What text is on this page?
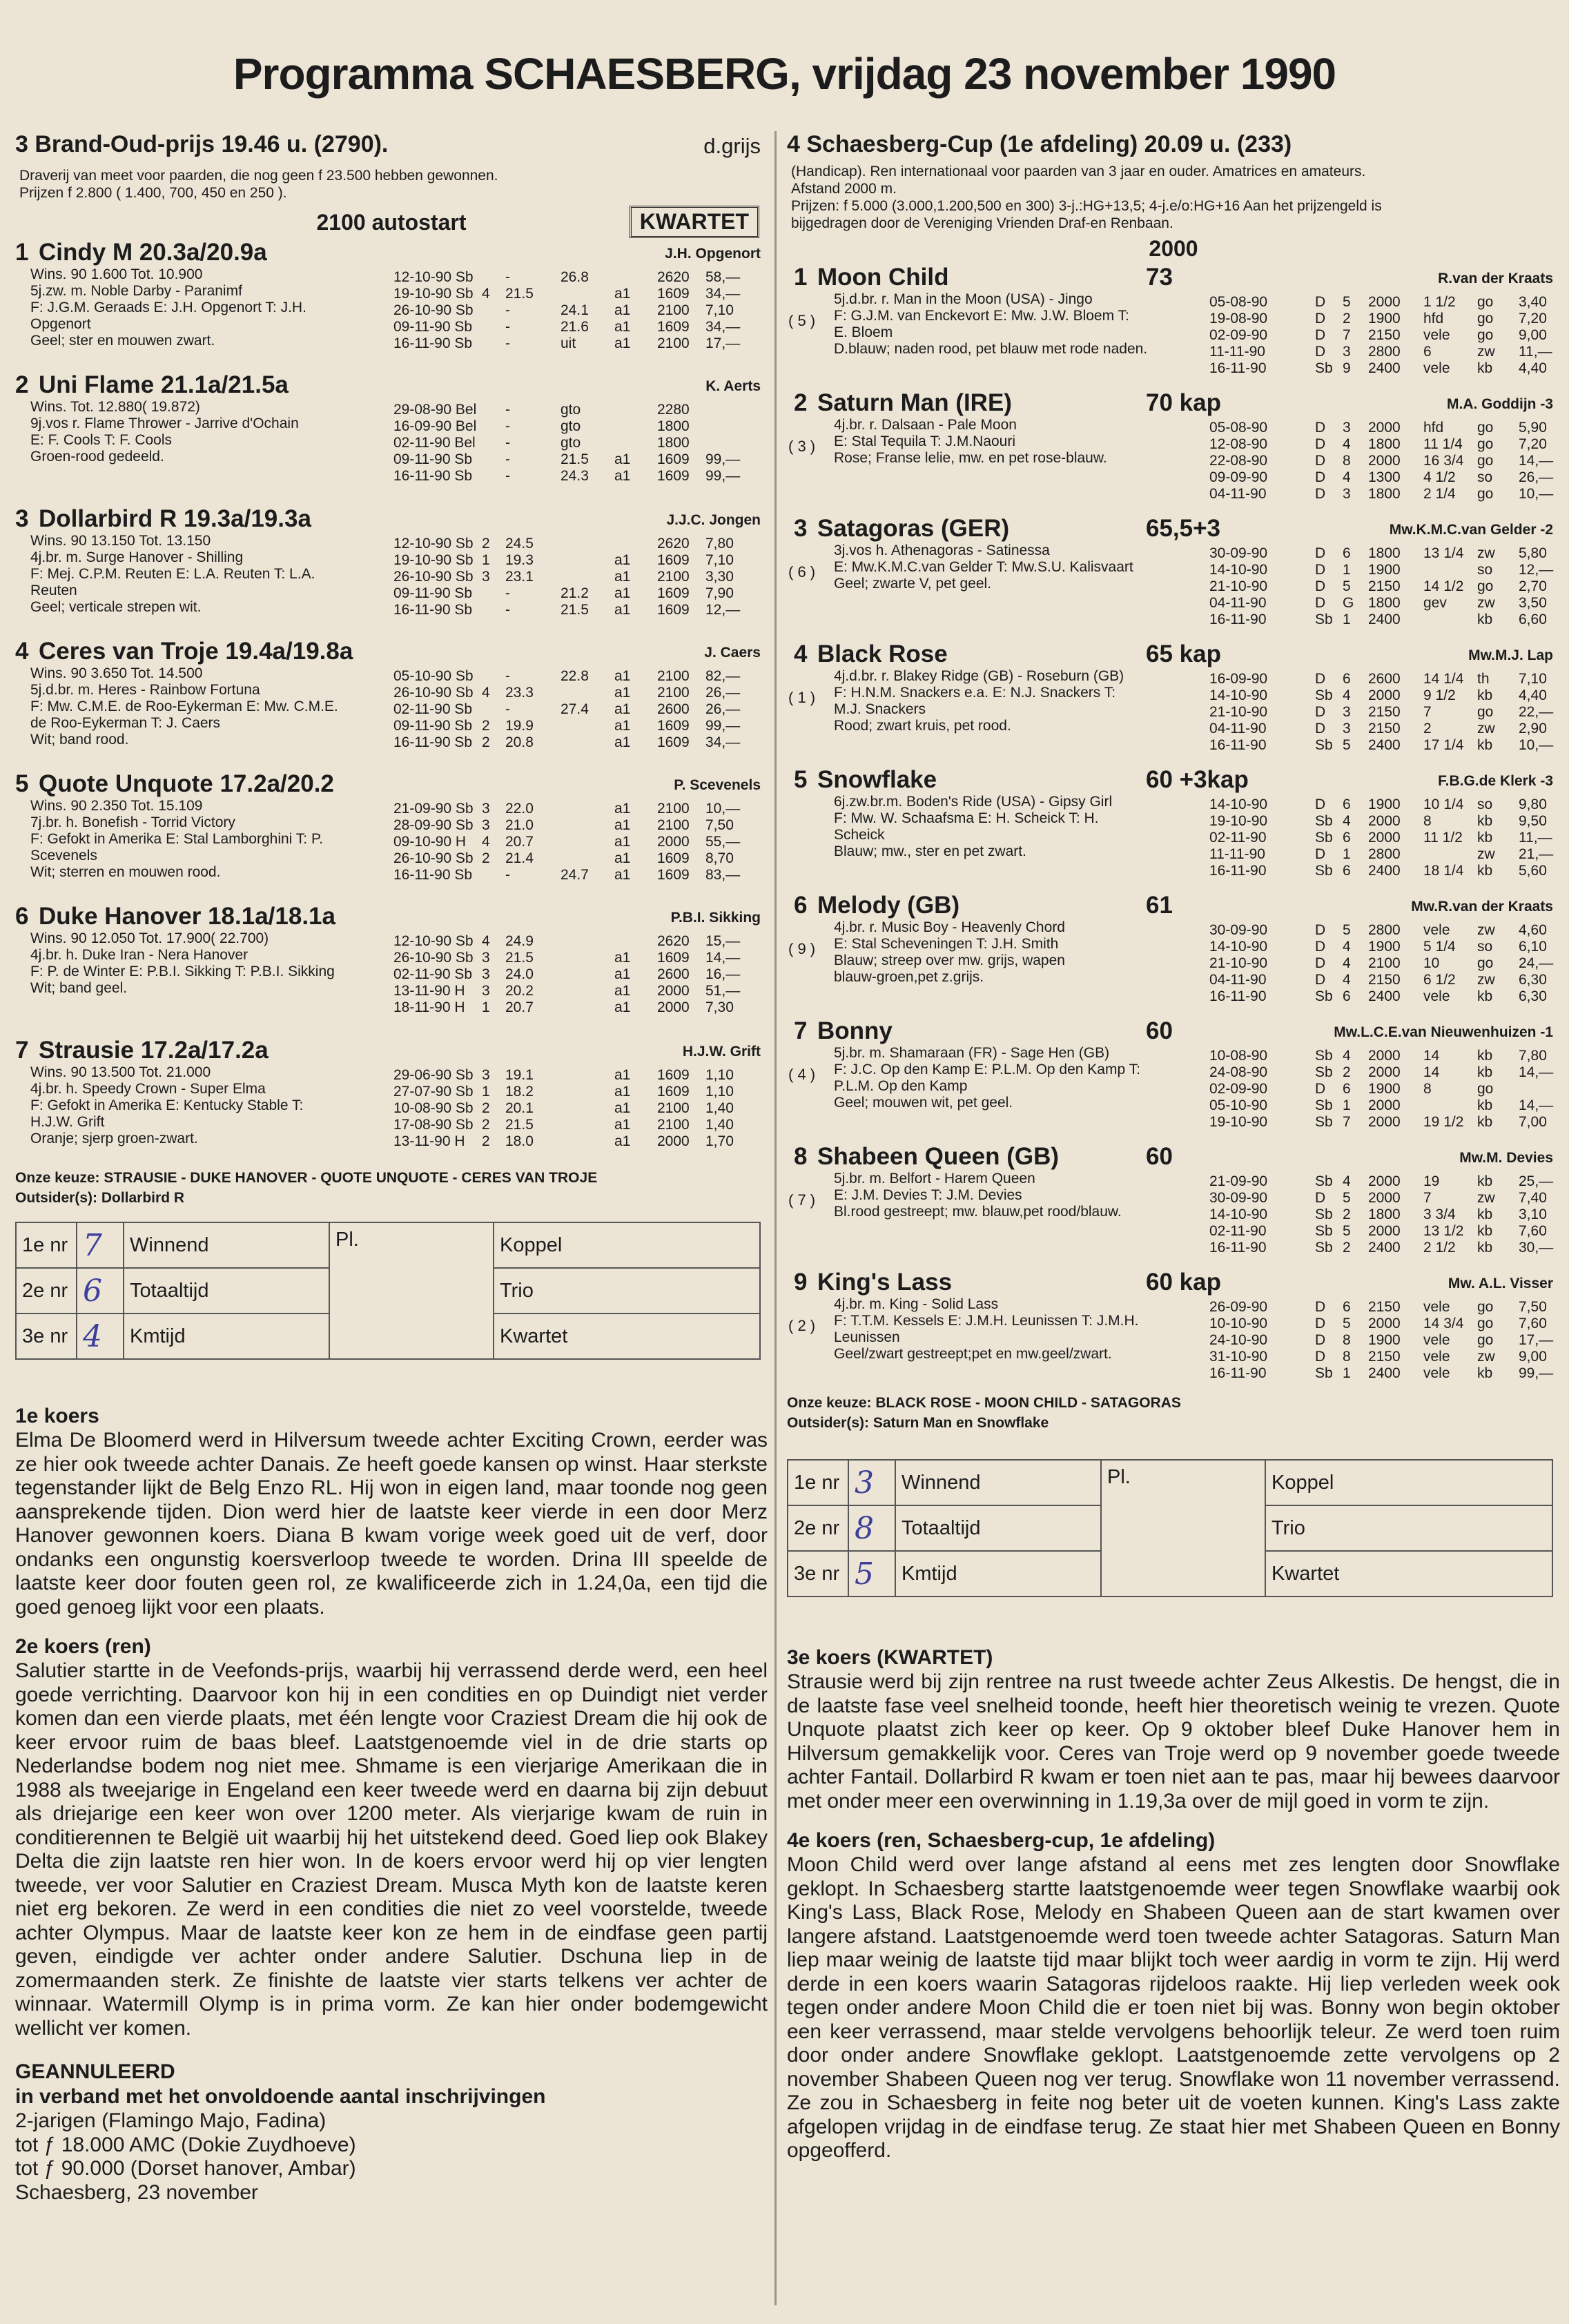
Programma SCHAESBERG, vrijdag 23 november 1990
3 Brand-Oud-prijs 19.46 u. (2790).	d.grijs
Draverij van meet voor paarden, die nog geen f 23.500 hebben gewonnen.
Prijzen f 2.800 ( 1.400, 700, 450 en 250 ).
2100 autostart	KWARTET
1 Cindy M 20.3a/20.9a	J.H. Opgenort
Wins. 90 1.600 Tot. 10.900
5j.zw. m. Noble Darby - Paranimf
F: J.G.M. Geraads E: J.H. Opgenort T: J.H.
Opgenort
Geel; ster en mouwen zwart.
12-10-90 Sb -	26.8	2620 58,—
19-10-90 Sb 4 21.5	a1 1609 34,—
26-10-90 Sb -	24.1 a1 2100 7,10
09-11-90 Sb -	21.6 a1 1609 34,—
16-11-90 Sb -	uit	a1 2100 17,—
2 Uni Flame 21.1a/21.5a	K. Aerts
Wins. Tot. 12.880( 19.872)
9j.vos r. Flame Thrower - Jarrive d'Ochain
E: F. Cools T: F. Cools
Groen-rood gedeeld.
29-08-90 Bel -	gto	2280
16-09-90 Bel -	gto	1800
02-11-90 Bel -	gto	1800
09-11-90 Sb -	21.5 a1 1609 99,—
16-11-90 Sb -	24.3 a1 1609 99,—
3 Dollarbird R 19.3a/19.3a	J.J.C. Jongen
Wins. 90 13.150 Tot. 13.150
4j.br. m. Surge Hanover - Shilling
F: Mej. C.P.M. Reuten E: L.A. Reuten T: L.A.
Reuten
Geel; verticale strepen wit.
12-10-90 Sb 2 24.5	2620 7,80
19-10-90 Sb 1 19.3	a1 1609 7,10
26-10-90 Sb 3 23.1	a1 2100 3,30
09-11-90 Sb -	21.2 a1 1609 7,90
16-11-90 Sb -	21.5 a1 1609 12,—
4 Ceres van Troje 19.4a/19.8a	J. Caers
Wins. 90 3.650 Tot. 14.500
5j.d.br. m. Heres - Rainbow Fortuna
F: Mw. C.M.E. de Roo-Eykerman E: Mw. C.M.E.
de Roo-Eykerman T: J. Caers
Wit; band rood.
05-10-90 Sb -	22.8 a1 2100 82,—
26-10-90 Sb 4 23.3	a1 2100 26,—
02-11-90 Sb -	27.4 a1 2600 26,—
09-11-90 Sb 2 19.9	a1 1609 99,—
16-11-90 Sb 2 20.8	a1 1609 34,—
5 Quote Unquote 17.2a/20.2	P. Scevenels
Wins. 90 2.350 Tot. 15.109
7j.br. h. Bonefish - Torrid Victory
F: Gefokt in Amerika E: Stal Lamborghini T: P.
Scevenels
Wit; sterren en mouwen rood.
21-09-90 Sb 3 22.0	a1 2100 10,—
28-09-90 Sb 3 21.0	a1 2100 7,50
09-10-90 H 4 20.7	a1 2000 55,—
26-10-90 Sb 2 21.4	a1 1609 8,70
16-11-90 Sb -	24.7 a1 1609 83,—
6 Duke Hanover 18.1a/18.1a	P.B.I. Sikking
Wins. 90 12.050 Tot. 17.900( 22.700)
4j.br. h. Duke Iran - Nera Hanover
F: P. de Winter E: P.B.I. Sikking T: P.B.I. Sikking
Wit; band geel.
12-10-90 Sb 4 24.9	2620 15,—
26-10-90 Sb 3 21.5	a1 1609 14,—
02-11-90 Sb 3 24.0	a1 2600 16,—
13-11-90 H 3 20.2	a1 2000 51,—
18-11-90 H 1 20.7	a1 2000 7,30
7 Strausie 17.2a/17.2a	H.J.W. Grift
Wins. 90 13.500 Tot. 21.000
4j.br. h. Speedy Crown - Super Elma
F: Gefokt in Amerika E: Kentucky Stable T:
H.J.W. Grift
Oranje; sjerp groen-zwart.
29-06-90 Sb 3 19.1	a1 1609 1,10
27-07-90 Sb 1 18.2	a1 1609 1,10
10-08-90 Sb 2 20.1	a1 2100 1,40
17-08-90 Sb 2 21.5	a1 2100 1,40
13-11-90 H 2 18.0	a1 2000 1,70
Onze keuze: STRAUSIE - DUKE HANOVER - QUOTE UNQUOTE - CERES VAN TROJE
Outsider(s): Dollarbird R
1e nr	7	Winnend	Pl.	Koppel
2e nr	6	Totaaltijd		Trio
3e nr	4	Kmtijd		Kwartet
1e koers

Elma De Bloomerd werd in Hilversum tweede achter Exciting Crown, eerder was ze hier ook tweede achter Danais. Ze heeft goede kansen op winst. Haar sterkste tegenstander lijkt de Belg Enzo RL. Hij won in eigen land, maar toonde nog geen aansprekende tijden. Dion werd hier de laatste keer vierde in een door Merz Hanover gewonnen koers. Diana B kwam vorige week goed uit de verf, door ondanks een ongunstig koersverloop tweede te worden. Drina III speelde de laatste keer door fouten geen rol, ze kwalificeerde zich in 1.24,0a, een tijd die goed genoeg lijkt voor een plaats.

2e koers (ren)

Salutier startte in de Veefonds-prijs, waarbij hij verrassend derde werd, een heel goede verrichting. Daarvoor kon hij in een condities en op Duindigt niet verder komen dan een vierde plaats, met één lengte voor Craziest Dream die hij ook de keer ervoor ruim de baas bleef. Laatstgenoemde viel in de drie starts op Nederlandse bodem nog niet mee. Shmame is een vierjarige Amerikaan die in 1988 als tweejarige in Engeland een keer tweede werd en daarna bij zijn debuut als driejarige een keer won over 1200 meter. Als vierjarige kwam de ruin in conditierennen te België uit waarbij hij het uitstekend deed. Goed liep ook Blakey Delta die zijn laatste ren hier won. In de koers ervoor werd hij op vier lengten tweede, ver voor Salutier en Craziest Dream. Musca Myth kon de laatste keren niet erg bekoren. Ze werd in een condities die niet zo veel voorstelde, tweede achter Olympus. Maar de laatste keer kon ze hem in de eindfase geen partij geven, eindigde ver achter onder andere Salutier. Dschuna liep in de zomermaanden sterk. Ze finishte de laatste vier starts telkens ver achter de winnaar. Watermill Olymp is in prima vorm. Ze kan hier onder bodemgewicht wellicht ver komen.

GEANNULEERD
in verband met het onvoldoende aantal inschrijvingen
2-jarigen (Flamingo Majo, Fadina)
tot ƒ 18.000 AMC (Dokie Zuydhoeve)
tot ƒ 90.000 (Dorset hanover, Ambar)
Schaesberg, 23 november
4 Schaesberg-Cup (1e afdeling) 20.09 u. (233)
(Handicap). Ren internationaal voor paarden van 3 jaar en ouder. Amatrices en amateurs.
Afstand 2000 m.
Prijzen: f 5.000 (3.000,1.200,500 en 300) 3-j.:HG+13,5; 4-j.e/o:HG+16 Aan het prijzengeld is
bijgedragen door de Vereniging Vrienden Draf-en Renbaan.
2000
1 Moon Child	73	R.van der Kraats
( 5 )
5j.d.br. r. Man in the Moon (USA) - Jingo
F: G.J.M. van Enckevort E: Mw. J.W. Bloem T:
E. Bloem
D.blauw; naden rood, pet blauw met rode naden.
05-08-90	D 5 2000 1 1/2 go 3,40
19-08-90	D 2 1900 hfd go 7,20
02-09-90	D 7 2150 vele go 9,00
11-11-90	D 3 2800 6	zw 11,—
16-11-90	Sb 9 2400 vele kb 4,40
2 Saturn Man (IRE)	70 kap	M.A. Goddijn -3
( 3 )
4j.br. r. Dalsaan - Pale Moon
E: Stal Tequila T: J.M.Naouri
Rose; Franse lelie, mw. en pet rose-blauw.
05-08-90	D 3 2000 hfd go 5,90
12-08-90	D 4 1800 11 1/4 go 7,20
22-08-90	D 8 2000 16 3/4 go 14,—
09-09-90	D 4 1300 4 1/2 so 26,—
04-11-90	D 3 1800 2 1/4 go 10,—
3 Satagoras (GER)	65,5+3	Mw.K.M.C.van Gelder -2
( 6 )
3j.vos h. Athenagoras - Satinessa
E: Mw.K.M.C.van Gelder T: Mw.S.U. Kalisvaart
Geel; zwarte V, pet geel.
30-09-90	D 6 1800 13 1/4 zw 5,80
14-10-90	D 1 1900	so 12,—
21-10-90	D 5 2150 14 1/2 go 2,70
04-11-90	D G 1800 gev zw 3,50
16-11-90	Sb 1 2400	kb 6,60
4 Black Rose	65 kap	Mw.M.J. Lap
( 1 )
4j.d.br. r. Blakey Ridge (GB) - Roseburn (GB)
F: H.N.M. Snackers e.a. E: N.J. Snackers T:
M.J. Snackers
Rood; zwart kruis, pet rood.
16-09-90	D 6 2600 14 1/4 th 7,10
14-10-90	Sb 4 2000 9 1/2 kb 4,40
21-10-90	D 3 2150 7	go 22,—
04-11-90	D 3 2150 2	zw 2,90
16-11-90	Sb 5 2400 17 1/4 kb 10,—
5 Snowflake	60 +3kap	F.B.G.de Klerk -3
6j.zw.br.m. Boden's Ride (USA) - Gipsy Girl
F: Mw. W. Schaafsma E: H. Scheick T: H.
Scheick
Blauw; mw., ster en pet zwart.
14-10-90	D 6 1900 10 1/4 so 9,80
19-10-90	Sb 4 2000 8	kb 9,50
02-11-90	Sb 6 2000 11 1/2 kb 11,—
11-11-90	D 1 2800	zw 21,—
16-11-90	Sb 6 2400 18 1/4 kb 5,60
6 Melody (GB)	61	Mw.R.van der Kraats
( 9 )
4j.br. r. Music Boy - Heavenly Chord
E: Stal Scheveningen T: J.H. Smith
Blauw; streep over mw. grijs, wapen
blauw-groen,pet z.grijs.
30-09-90	D 5 2800 vele zw 4,60
14-10-90	D 4 1900 5 1/4 so 6,10
21-10-90	D 4 2100 10	go 24,—
04-11-90	D 4 2150 6 1/2 zw 6,30
16-11-90	Sb 6 2400 vele kb 6,30
7 Bonny	60	Mw.L.C.E.van Nieuwenhuizen -1
( 4 )
5j.br. m. Shamaraan (FR) - Sage Hen (GB)
F: J.C. Op den Kamp E: P.L.M. Op den Kamp T:
P.L.M. Op den Kamp
Geel; mouwen wit, pet geel.
10-08-90	Sb 4 2000 14	kb 7,80
24-08-90	Sb 2 2000 14	kb 14,—
02-09-90	D 6 1900 8	go
05-10-90	Sb 1 2000	kb 14,—
19-10-90	Sb 7 2000 19 1/2 kb 7,00
8 Shabeen Queen (GB)	60	Mw.M. Devies
( 7 )
5j.br. m. Belfort - Harem Queen
E: J.M. Devies T: J.M. Devies
Bl.rood gestreept; mw. blauw,pet rood/blauw.
21-09-90	Sb 4 2000 19	kb 25,—
30-09-90	D 5 2000 7	zw 7,40
14-10-90	Sb 2 1800 3 3/4 kb 3,10
02-11-90	Sb 5 2000 13 1/2 kb 7,60
16-11-90	Sb 2 2400 2 1/2 kb 30,—
9 King's Lass	60 kap	Mw. A.L. Visser
( 2 )
4j.br. m. King - Solid Lass
F: T.T.M. Kessels E: J.M.H. Leunissen T: J.M.H.
Leunissen
Geel/zwart gestreept;pet en mw.geel/zwart.
26-09-90	D 6 2150 vele go 7,50
10-10-90	D 5 2000 14 3/4 go 7,60
24-10-90	D 8 1900 vele go 17,—
31-10-90	D 8 2150 vele zw 9,00
16-11-90	Sb 1 2400 vele kb 99,—
Onze keuze: BLACK ROSE - MOON CHILD - SATAGORAS
Outsider(s): Saturn Man en Snowflake
1e nr	3	Winnend	Pl.	Koppel
2e nr	8	Totaaltijd		Trio
3e nr	5	Kmtijd		Kwartet
3e koers (KWARTET)

Strausie werd bij zijn rentree na rust tweede achter Zeus Alkestis. De hengst, die in de laatste fase veel snelheid toonde, heeft hier theoretisch weinig te vrezen. Quote Unquote plaatst zich keer op keer. Op 9 oktober bleef Duke Hanover hem in Hilversum gemakkelijk voor. Ceres van Troje werd op 9 november goede tweede achter Fantail. Dollarbird R kwam er toen niet aan te pas, maar hij bewees daarvoor met onder meer een overwinning in 1.19,3a over de mijl goed in vorm te zijn.

4e koers (ren, Schaesberg-cup, 1e afdeling)

Moon Child werd over lange afstand al eens met zes lengten door Snowflake geklopt. In Schaesberg startte laatstgenoemde weer tegen Snowflake waarbij ook King's Lass, Black Rose, Melody en Shabeen Queen aan de start kwamen over langere afstand. Laatstgenoemde werd toen tweede achter Satagoras. Saturn Man liep maar weinig de laatste tijd maar blijkt toch weer aardig in vorm te zijn. Hij werd derde in een koers waarin Satagoras rijdeloos raakte. Hij liep verleden week ook tegen onder andere Moon Child die er toen niet bij was. Bonny won begin oktober een keer verrassend, maar stelde vervolgens behoorlijk teleur. Ze werd toen ruim door onder andere Snowflake geklopt. Laatstgenoemde zette vervolgens op 2 november Shabeen Queen nog ver terug. Snowflake won 11 november verrassend. Ze zou in Schaesberg in feite nog beter uit de voeten kunnen. King's Lass zakte afgelopen vrijdag in de eindfase terug. Ze staat hier met Shabeen Queen en Bonny opgeofferd.
